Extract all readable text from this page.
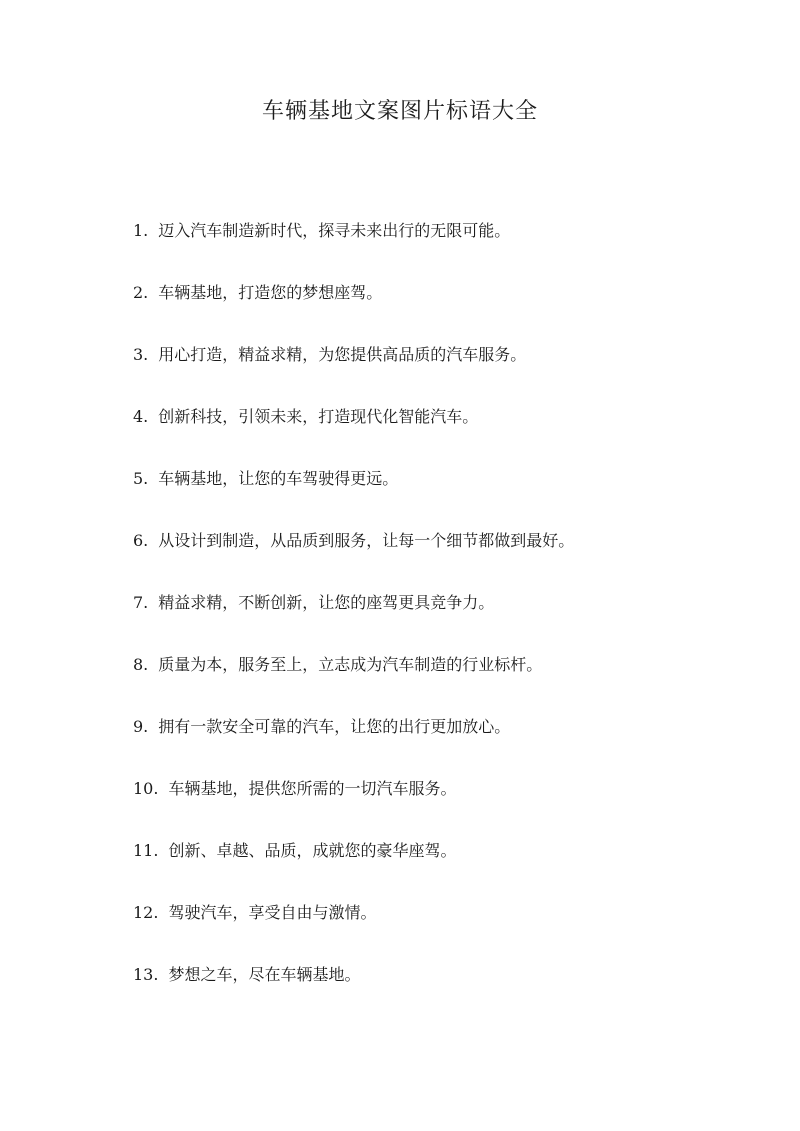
车辆基地文案图片标语大全
1. 迈入汽车制造新时代，探寻未来出行的无限可能。
2. 车辆基地，打造您的梦想座驾。
3. 用心打造，精益求精，为您提供高品质的汽车服务。
4. 创新科技，引领未来，打造现代化智能汽车。
5. 车辆基地，让您的车驾驶得更远。
6. 从设计到制造，从品质到服务，让每一个细节都做到最好。
7. 精益求精，不断创新，让您的座驾更具竞争力。
8. 质量为本，服务至上，立志成为汽车制造的行业标杆。
9. 拥有一款安全可靠的汽车，让您的出行更加放心。
10. 车辆基地，提供您所需的一切汽车服务。
11. 创新、卓越、品质，成就您的豪华座驾。
12. 驾驶汽车，享受自由与激情。
13. 梦想之车，尽在车辆基地。
